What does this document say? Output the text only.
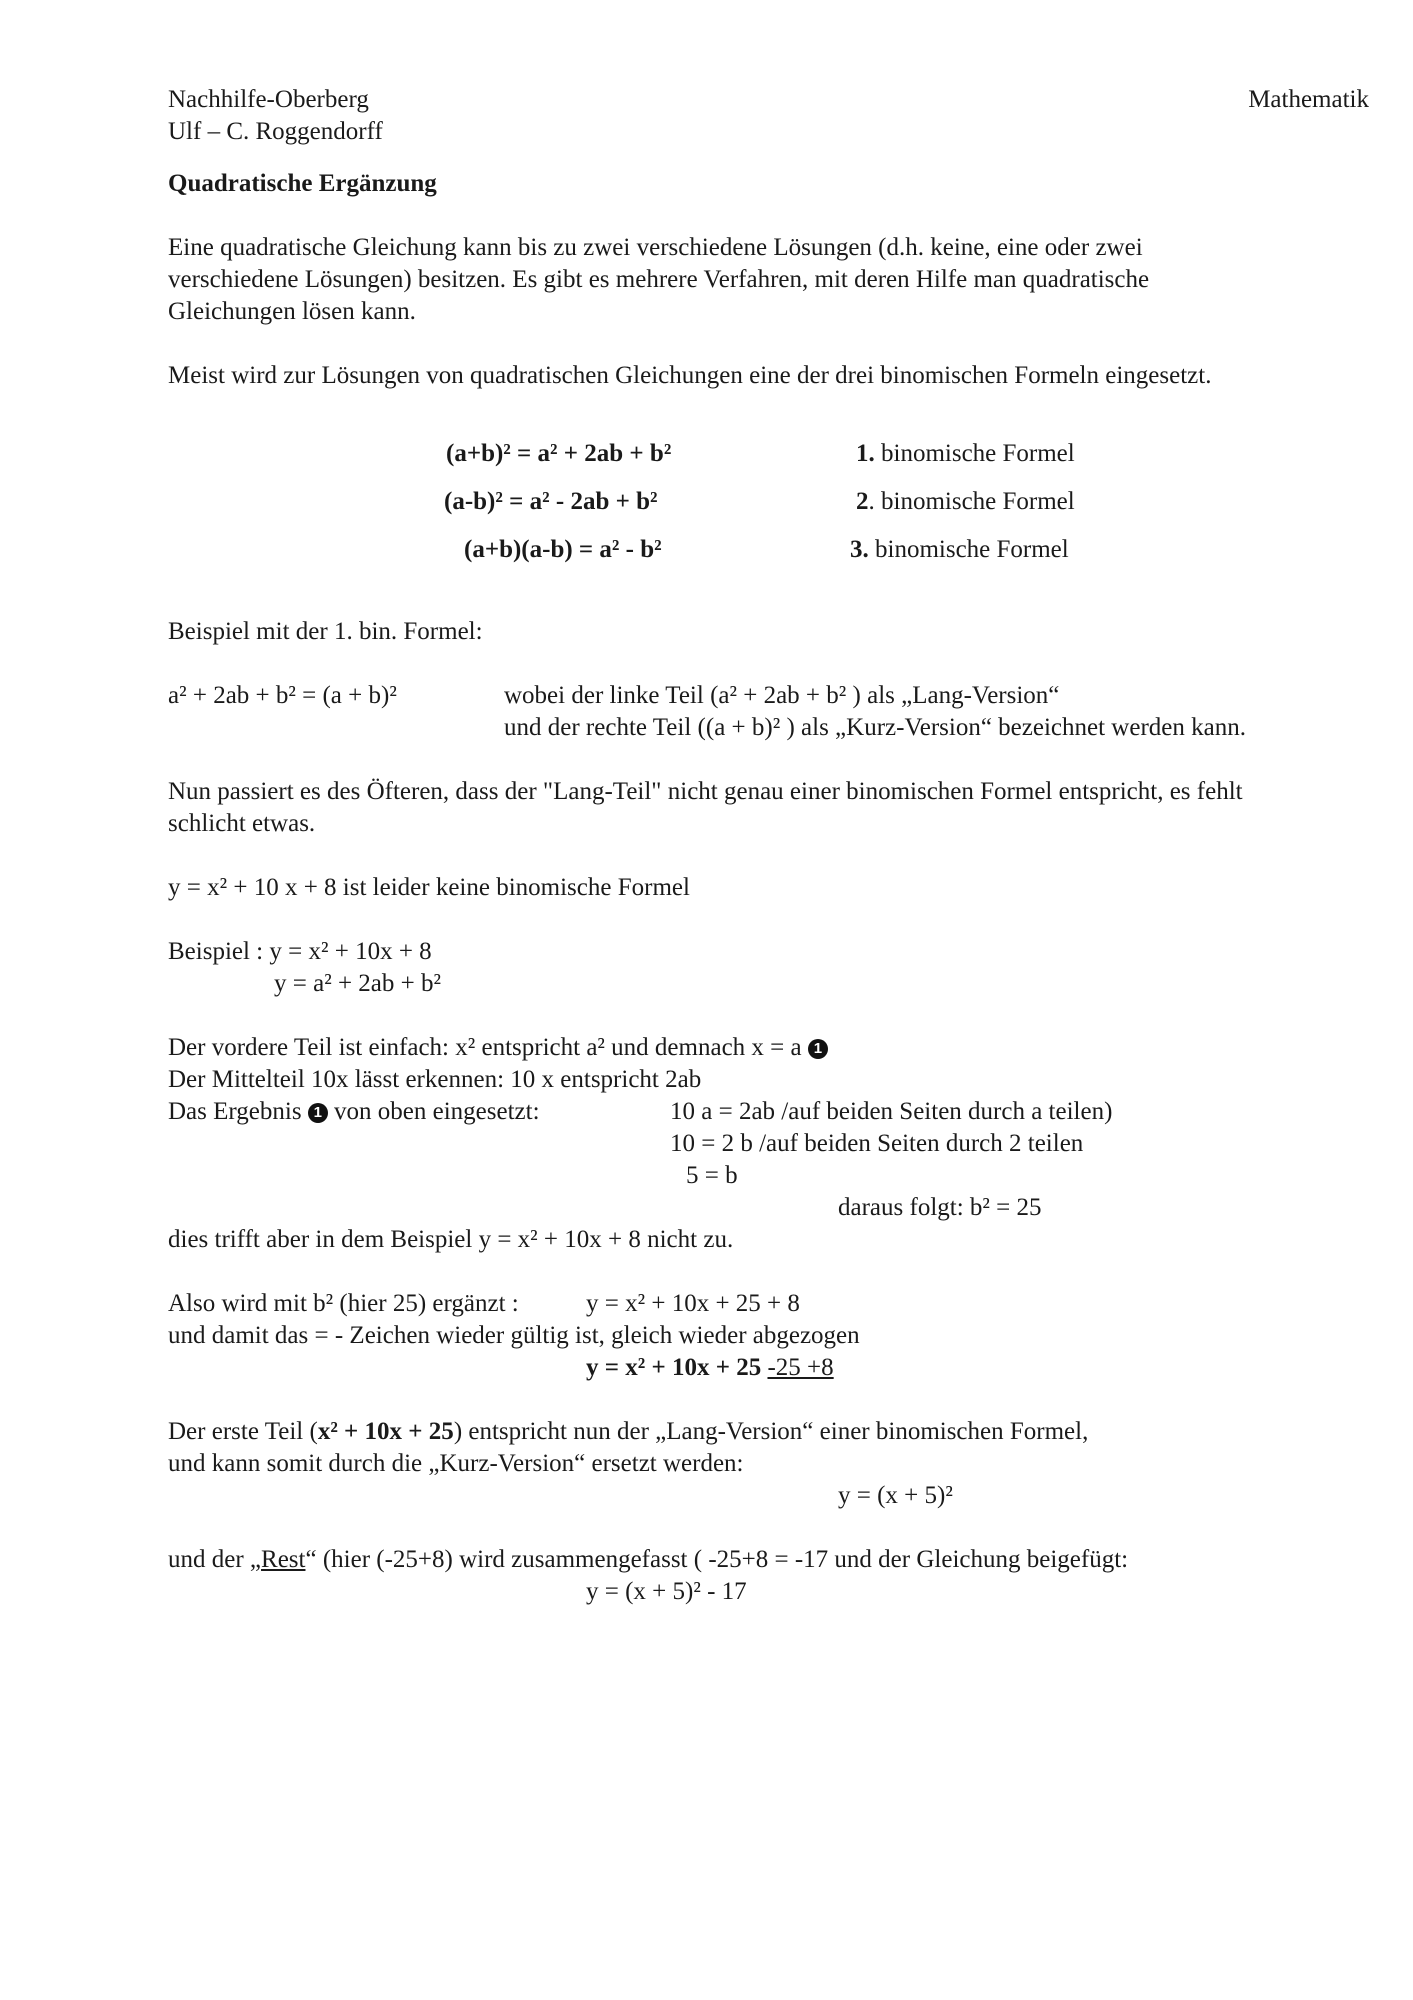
Nachhilfe-Oberberg
Ulf – C. Roggendorff
Mathematik
Quadratische Ergänzung
Eine quadratische Gleichung kann bis zu zwei verschiedene Lösungen (d.h. keine, eine oder zwei
verschiedene Lösungen) besitzen. Es gibt es mehrere Verfahren, mit deren Hilfe man quadratische
Gleichungen lösen kann.
Meist wird zur Lösungen von quadratischen Gleichungen eine der drei binomischen Formeln eingesetzt.
(a+b)² = a² + 2ab + b²	1. binomische Formel
(a-b)² = a² - 2ab + b²	2. binomische Formel
(a+b)(a-b) = a² - b²	3. binomische Formel
Beispiel mit der 1. bin. Formel:
a² + 2ab + b² = (a + b)²	wobei der linke Teil (a² + 2ab + b² ) als „Lang-Version“
und der rechte Teil ((a + b)² ) als „Kurz-Version“ bezeichnet werden kann.
Nun passiert es des Öfteren, dass der "Lang-Teil" nicht genau einer binomischen Formel entspricht, es fehlt
schlicht etwas.
y = x² + 10 x + 8 ist leider keine binomische Formel
Beispiel : y = x² + 10x + 8
y = a² + 2ab + b²
Der vordere Teil ist einfach: x² entspricht a² und demnach x = a 1
Der Mittelteil 10x lässt erkennen: 10 x entspricht 2ab
Das Ergebnis 1 von oben eingesetzt:	10 a = 2ab /auf beiden Seiten durch a teilen)
10 = 2 b /auf beiden Seiten durch 2 teilen
5 = b
daraus folgt: b² = 25
dies trifft aber in dem Beispiel y = x² + 10x + 8 nicht zu.
Also wird mit b² (hier 25) ergänzt :	y = x² + 10x + 25 + 8
und damit das = - Zeichen wieder gültig ist, gleich wieder abgezogen
y = x² + 10x + 25 -25 +8
Der erste Teil (x² + 10x + 25) entspricht nun der „Lang-Version“ einer binomischen Formel,
und kann somit durch die „Kurz-Version“ ersetzt werden:
y = (x + 5)²
und der „Rest“ (hier (-25+8) wird zusammengefasst ( -25+8 = -17 und der Gleichung beigefügt:
y = (x + 5)² - 17
